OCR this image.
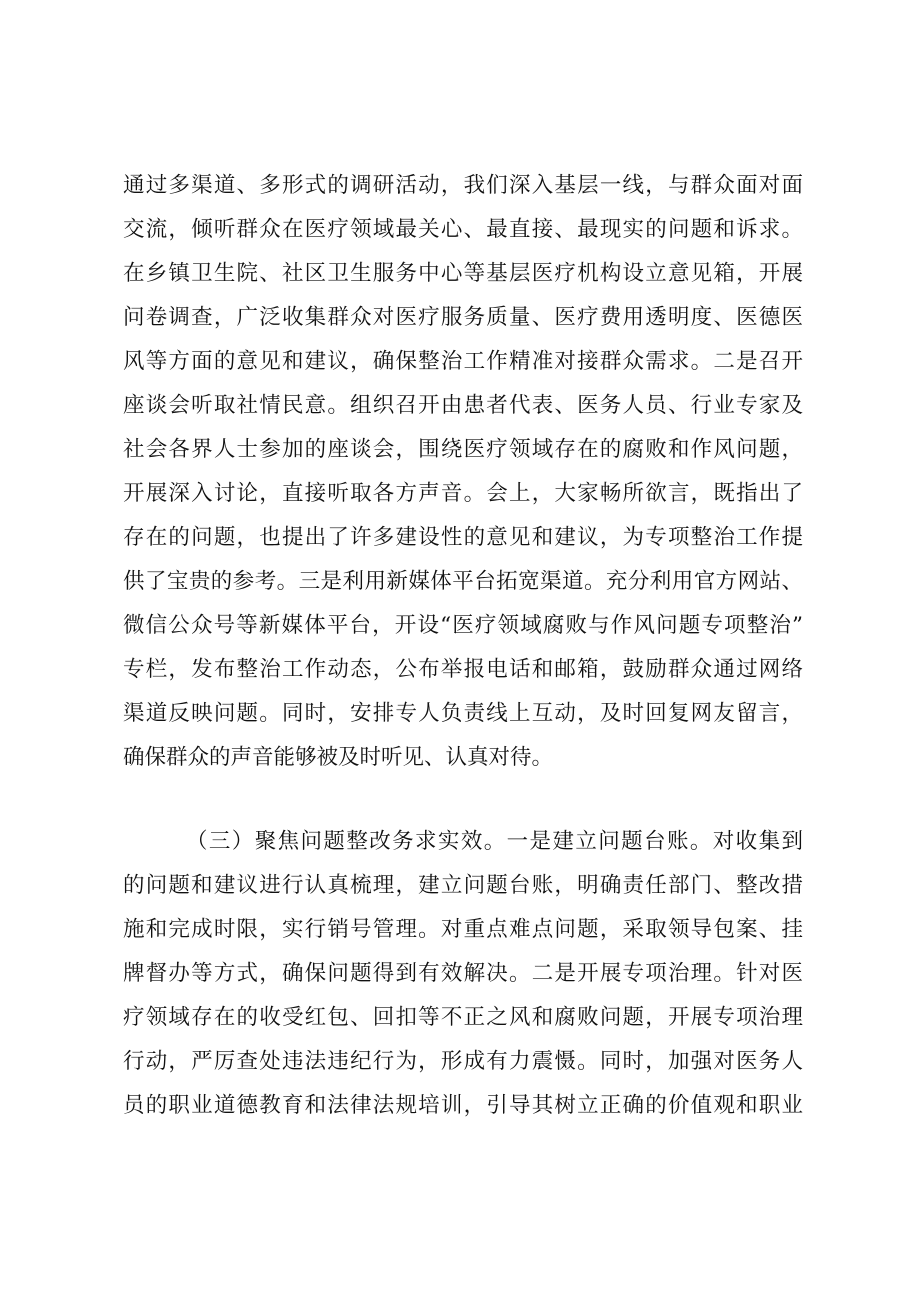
通过多渠道、多形式的调研活动，我们深入基层一线，与群众面对面
交流，倾听群众在医疗领域最关心、最直接、最现实的问题和诉求。
在乡镇卫生院、社区卫生服务中心等基层医疗机构设立意见箱，开展
问卷调查，广泛收集群众对医疗服务质量、医疗费用透明度、医德医
风等方面的意见和建议，确保整治工作精准对接群众需求。二是召开
座谈会听取社情民意。组织召开由患者代表、医务人员、行业专家及
社会各界人士参加的座谈会，围绕医疗领域存在的腐败和作风问题，
开展深入讨论，直接听取各方声音。会上，大家畅所欲言，既指出了
存在的问题，也提出了许多建设性的意见和建议，为专项整治工作提
供了宝贵的参考。三是利用新媒体平台拓宽渠道。充分利用官方网站、
微信公众号等新媒体平台，开设“医疗领域腐败与作风问题专项整治”
专栏，发布整治工作动态，公布举报电话和邮箱，鼓励群众通过网络
渠道反映问题。同时，安排专人负责线上互动，及时回复网友留言，
确保群众的声音能够被及时听见、认真对待。
（三）聚焦问题整改务求实效。一是建立问题台账。对收集到
的问题和建议进行认真梳理，建立问题台账，明确责任部门、整改措
施和完成时限，实行销号管理。对重点难点问题，采取领导包案、挂
牌督办等方式，确保问题得到有效解决。二是开展专项治理。针对医
疗领域存在的收受红包、回扣等不正之风和腐败问题，开展专项治理
行动，严厉查处违法违纪行为，形成有力震慑。同时，加强对医务人
员的职业道德教育和法律法规培训，引导其树立正确的价值观和职业
